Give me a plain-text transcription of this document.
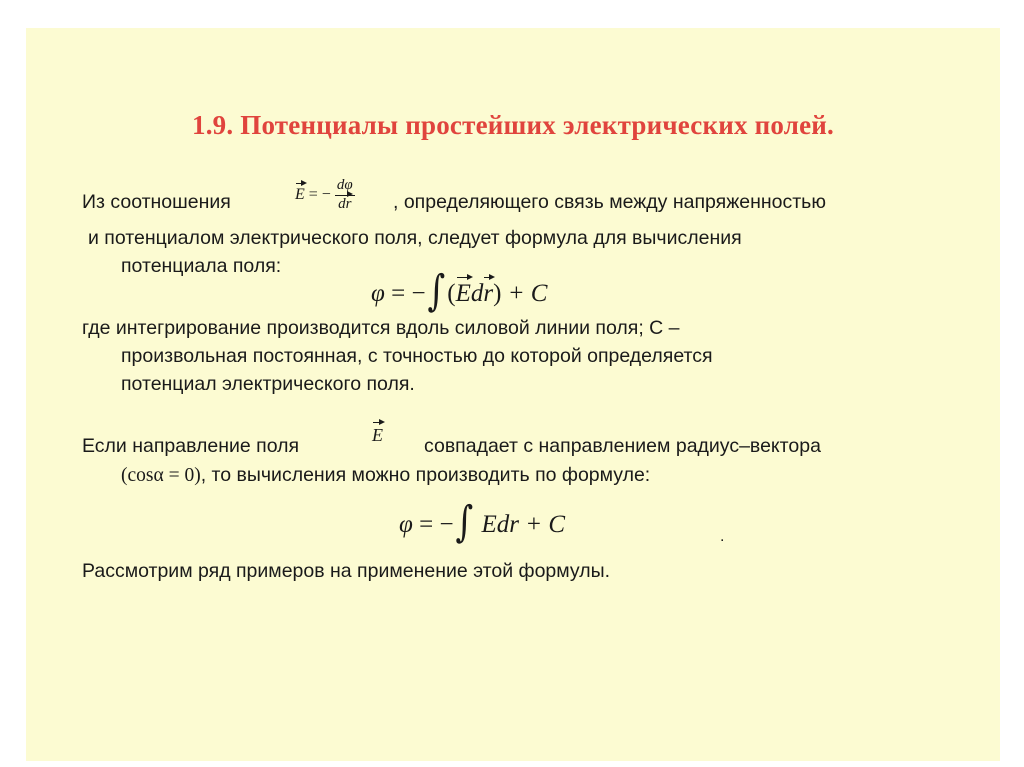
1.9. Потенциалы простейших электрических полей.
Из соотношения	E = − $\frac{d\varphi}{dr}$ , определяющего связь между напряженностью
и потенциалом электрического поля, следует формула для вычисления
потенциала поля:
φ = −∫(Edr) + C
где интегрирование производится вдоль силовой линии поля; C –
произвольная постоянная, с точностью до которой определяется
потенциал электрического поля.
Если направление поля	E совпадает с направлением радиус–вектора
(cosα = 0), то вычисления можно производить по формуле:
φ = −∫ Edr + C	.
Рассмотрим ряд примеров на применение этой формулы.
